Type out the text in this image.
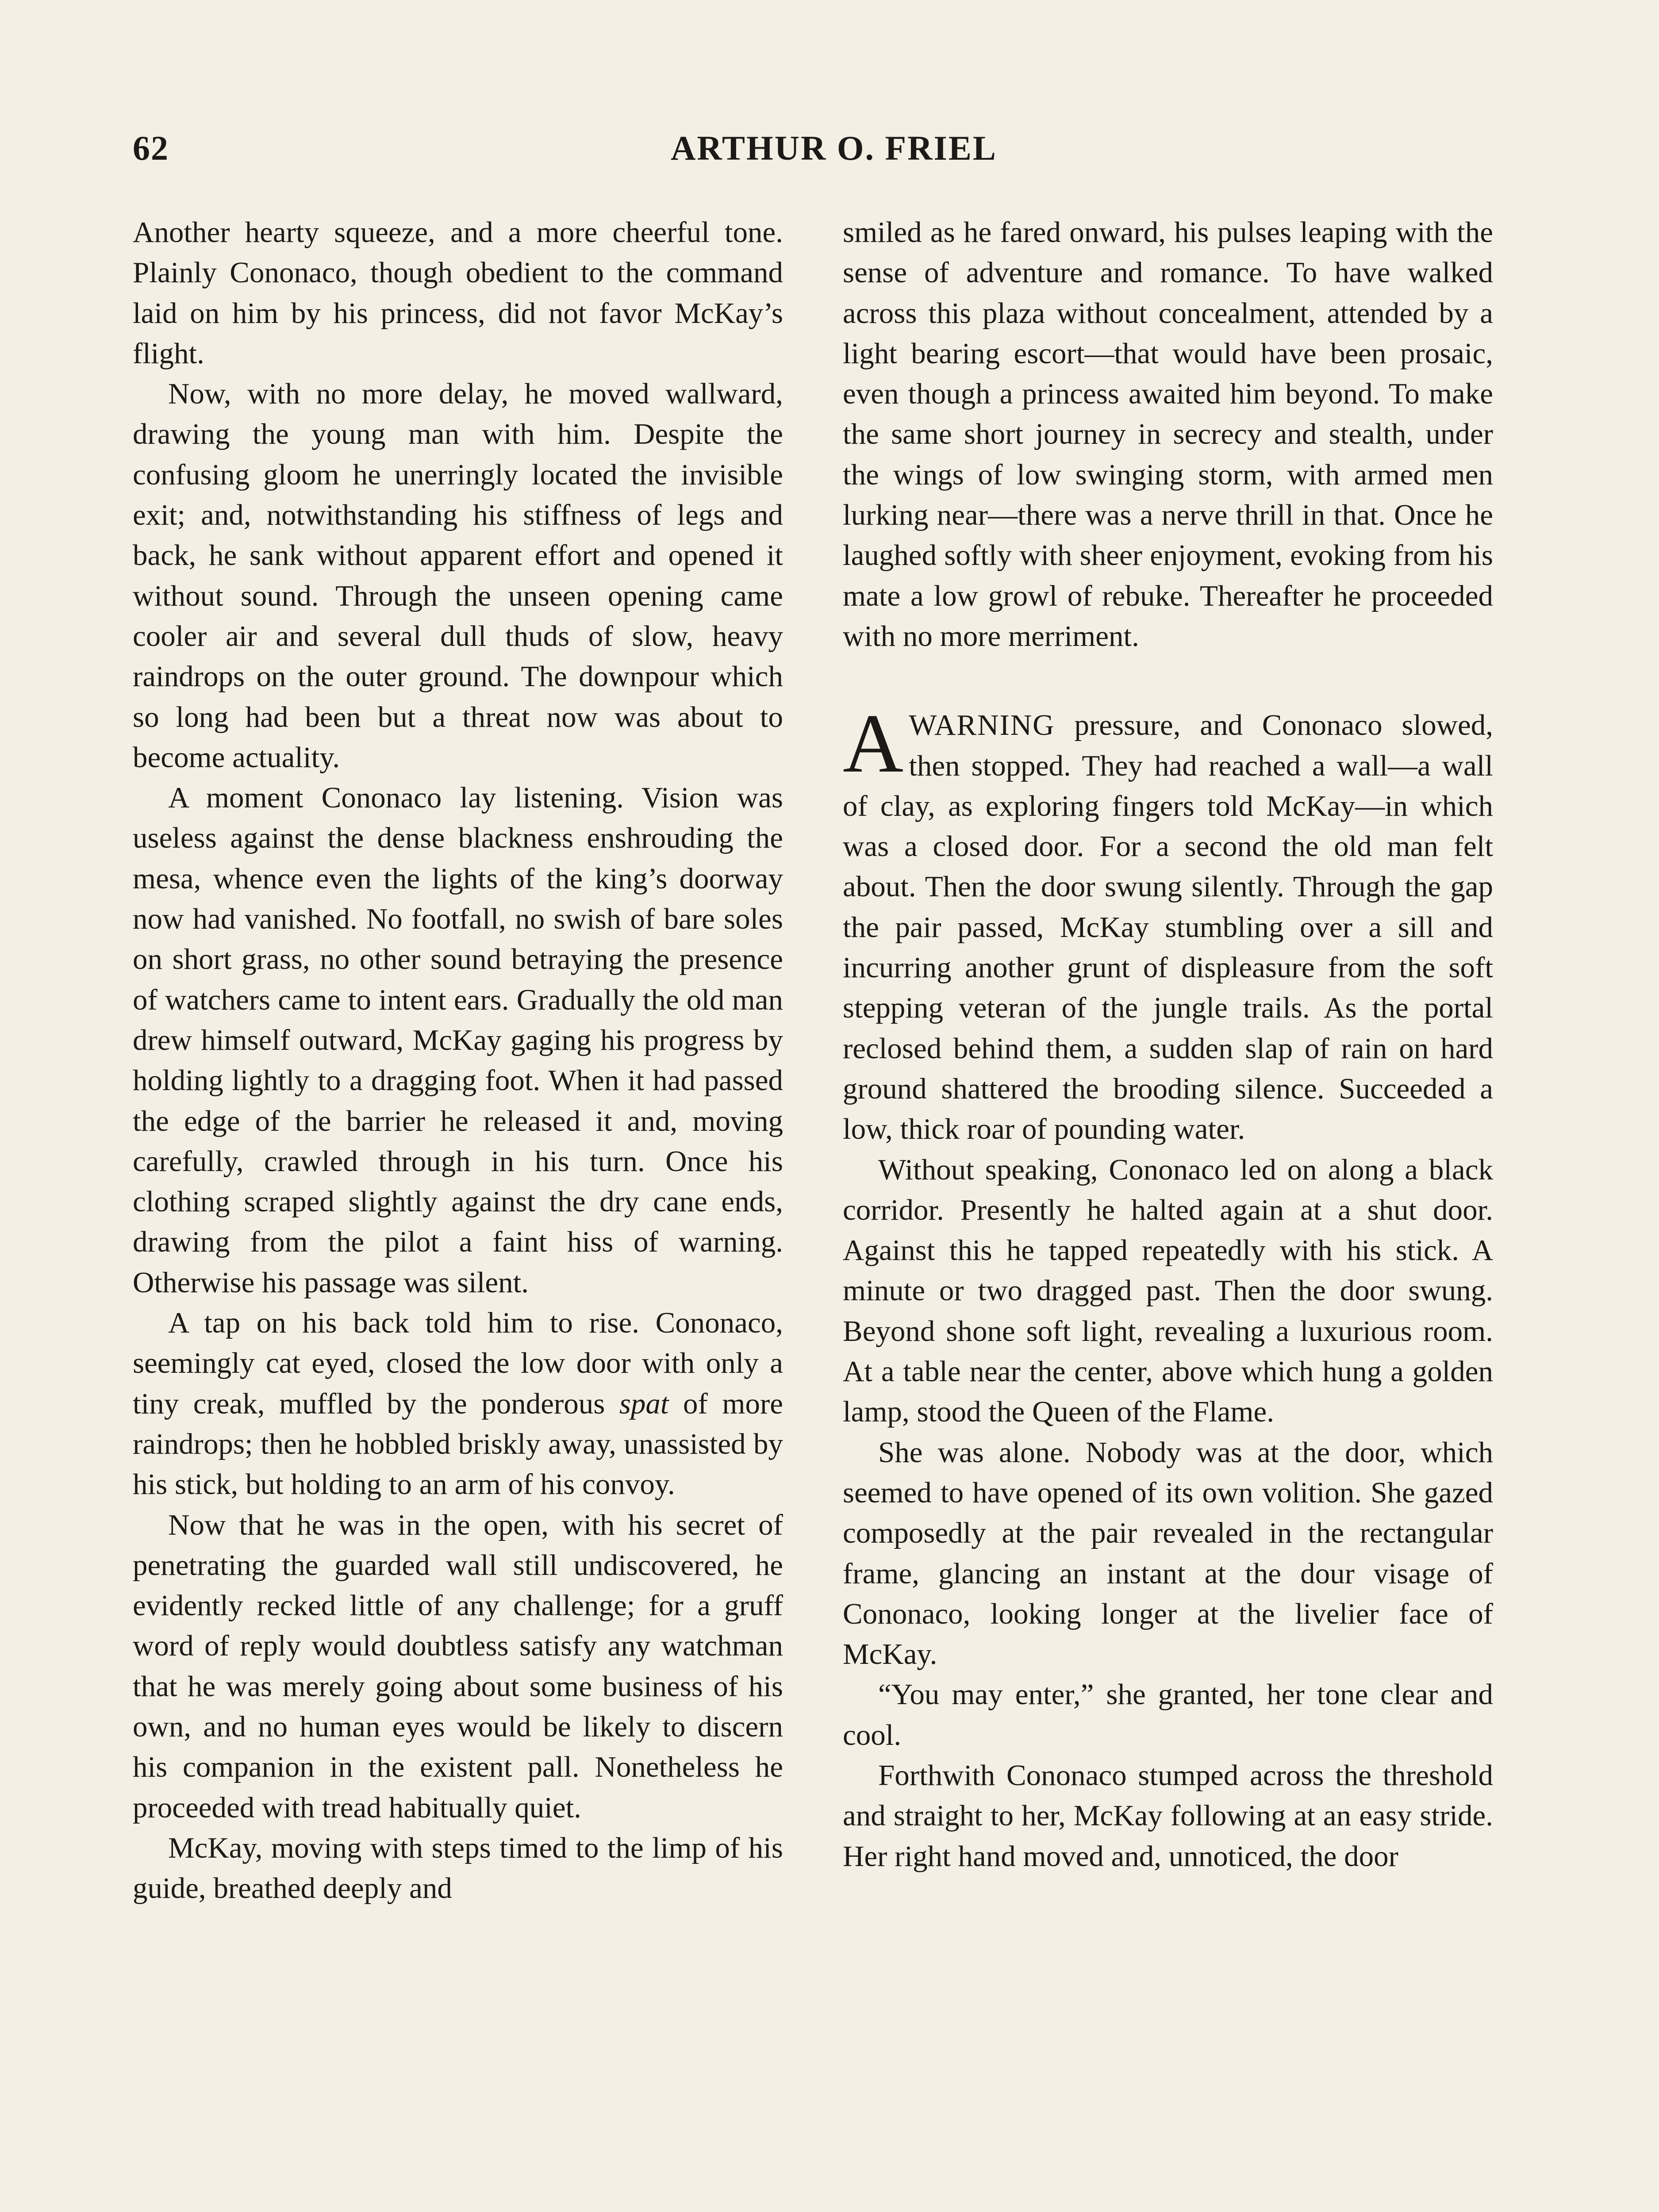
62	ARTHUR O. FRIEL

Another hearty squeeze, and a more cheerful tone. Plainly Cononaco, though obedient to the command laid on him by his princess, did not favor McKay’s flight.

Now, with no more delay, he moved wallward, drawing the young man with him. Despite the confusing gloom he unerringly located the invisible exit; and, notwithstanding his stiffness of legs and back, he sank without apparent effort and opened it without sound. Through the unseen opening came cooler air and several dull thuds of slow, heavy raindrops on the outer ground. The downpour which so long had been but a threat now was about to become actuality.

A moment Cononaco lay listening. Vision was useless against the dense blackness enshrouding the mesa, whence even the lights of the king’s doorway now had vanished. No footfall, no swish of bare soles on short grass, no other sound betraying the presence of watchers came to intent ears. Gradually the old man drew himself outward, McKay gaging his progress by holding lightly to a dragging foot. When it had passed the edge of the barrier he released it and, moving carefully, crawled through in his turn. Once his clothing scraped slightly against the dry cane ends, drawing from the pilot a faint hiss of warning. Otherwise his passage was silent.

A tap on his back told him to rise. Cononaco, seemingly cat eyed, closed the low door with only a tiny creak, muffled by the ponderous spat of more raindrops; then he hobbled briskly away, unassisted by his stick, but holding to an arm of his convoy.

Now that he was in the open, with his secret of penetrating the guarded wall still undiscovered, he evidently recked little of any challenge; for a gruff word of reply would doubtless satisfy any watchman that he was merely going about some business of his own, and no human eyes would be likely to discern his companion in the existent pall. Nonetheless he proceeded with tread habitually quiet.

McKay, moving with steps timed to the limp of his guide, breathed deeply and

smiled as he fared onward, his pulses leaping with the sense of adventure and romance. To have walked across this plaza without concealment, attended by a light bearing escort—that would have been prosaic, even though a princess awaited him beyond. To make the same short journey in secrecy and stealth, under the wings of low swinging storm, with armed men lurking near—there was a nerve thrill in that. Once he laughed softly with sheer enjoyment, evoking from his mate a low growl of rebuke. Thereafter he proceeded with no more merriment.

AWARNING pressure, and Cononaco slowed, then stopped. They had reached a wall—a wall of clay, as exploring fingers told McKay—in which was a closed door. For a second the old man felt about. Then the door swung silently. Through the gap the pair passed, McKay stumbling over a sill and incurring another grunt of displeasure from the soft stepping veteran of the jungle trails. As the portal reclosed behind them, a sudden slap of rain on hard ground shattered the brooding silence. Succeeded a low, thick roar of pounding water.

Without speaking, Cononaco led on along a black corridor. Presently he halted again at a shut door. Against this he tapped repeatedly with his stick. A minute or two dragged past. Then the door swung. Beyond shone soft light, revealing a luxurious room. At a table near the center, above which hung a golden lamp, stood the Queen of the Flame.

She was alone. Nobody was at the door, which seemed to have opened of its own volition. She gazed composedly at the pair revealed in the rectangular frame, glancing an instant at the dour visage of Cononaco, looking longer at the livelier face of McKay.

“You may enter,” she granted, her tone clear and cool.

Forthwith Cononaco stumped across the threshold and straight to her, McKay following at an easy stride. Her right hand moved and, unnoticed, the door
